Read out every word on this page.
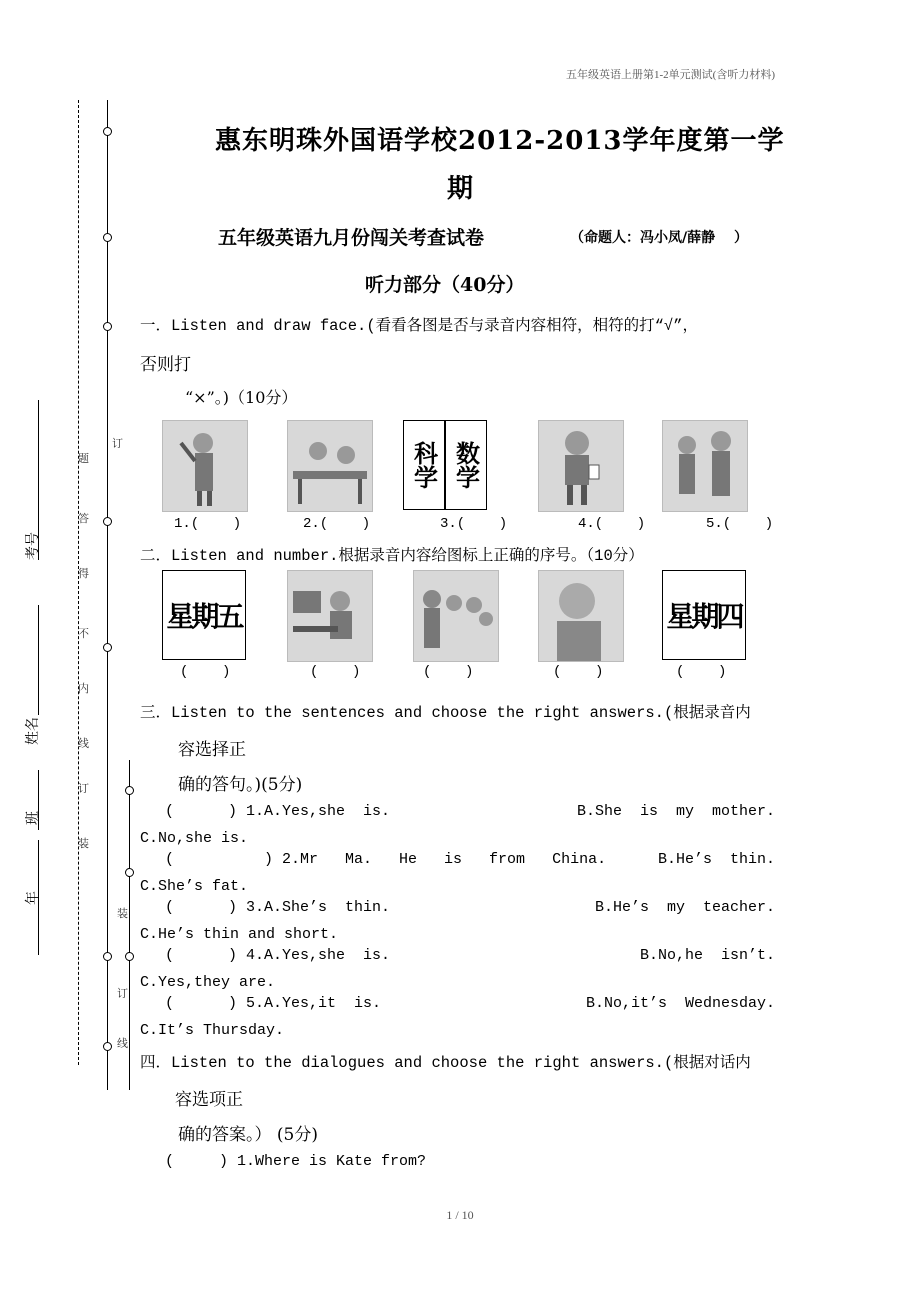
五年级英语上册第1-2单元测试(含听力材料)
订
题
答
得
不
内
线
订
装
装
订
线
考号
姓名
班
年
惠东明珠外国语学校2012-2013学年度第一学
期
五年级英语九月份闯关考查试卷	（命题人：冯小凤/薛静　 ）
听力部分（40分）
一．Listen and draw face.(看看各图是否与录音内容相符，相符的打“√”，
否则打
“×”。)（10分）
科学 数学
1.(    )	2.(    )	3.(    )	4.(    )	5.(    )
二．Listen and number.根据录音内容给图标上正确的序号。（10分）
星期五	星期四
(    )	(    )	(    )	(    )	(    )
三．Listen to the sentences and choose the right answers.(根据录音内
容选择正
确的答句。)(5分)
(      ) 1.A.Yes,she  is.	B.She  is  my  mother.
C.No,she is.
(          ) 2.Mr   Ma.   He   is   from   China.	B.He’s  thin.
C.She’s fat.
(      ) 3.A.She’s  thin.	B.He’s  my  teacher.
C.He’s thin and short.
(      ) 4.A.Yes,she  is.	B.No,he  isn’t.
C.Yes,they are.
(      ) 5.A.Yes,it  is.	B.No,it’s  Wednesday.
C.It’s Thursday.
四．Listen to the dialogues and choose the right answers.(根据对话内
容选项正
确的答案。） (5分)
(     ) 1.Where is Kate from?
1 / 10
